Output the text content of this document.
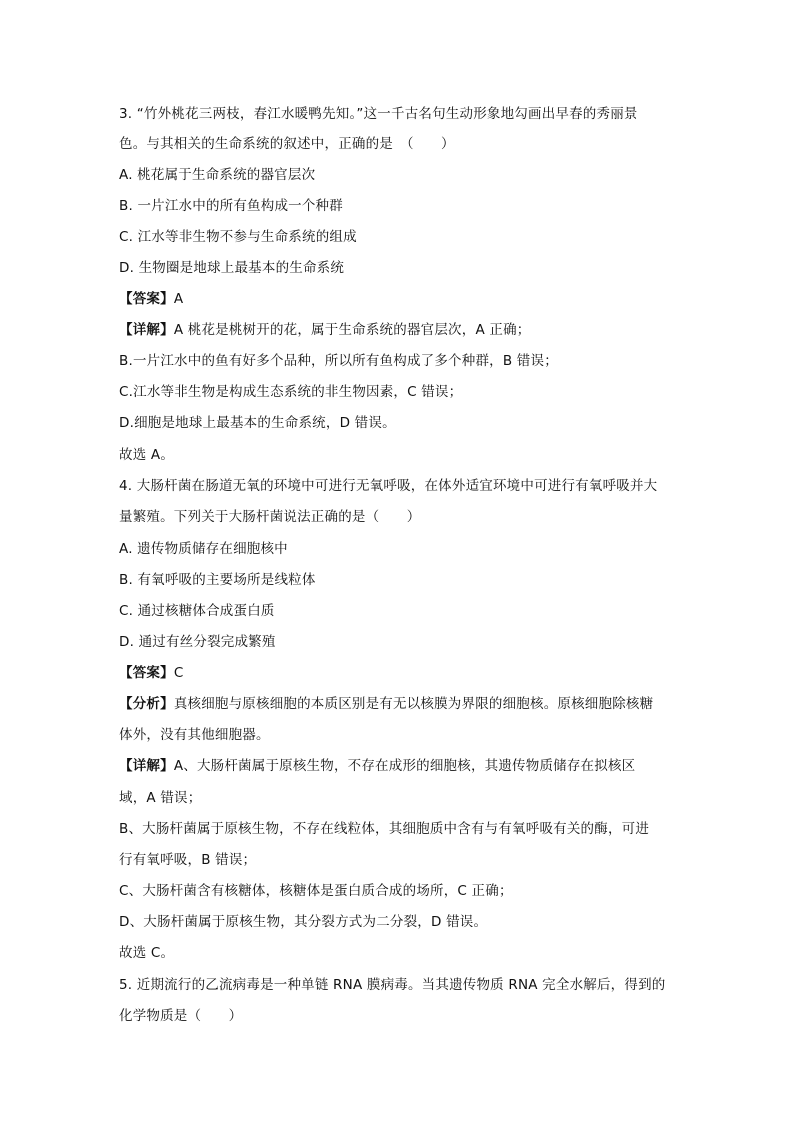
3. “竹外桃花三两枝，春江水暖鸭先知。”这一千古名句生动形象地勾画出早春的秀丽景
色。与其相关的生命系统的叙述中，正确的是　（　　）
A. 桃花属于生命系统的器官层次
B. 一片江水中的所有鱼构成一个种群
C. 江水等非生物不参与生命系统的组成
D. 生物圈是地球上最基本的生命系统
【答案】A
【详解】A 桃花是桃树开的花，属于生命系统的器官层次，A 正确；
B.一片江水中的鱼有好多个品种，所以所有鱼构成了多个种群，B 错误；
C.江水等非生物是构成生态系统的非生物因素，C 错误；
D.细胞是地球上最基本的生命系统，D 错误。
故选 A。
4. 大肠杆菌在肠道无氧的环境中可进行无氧呼吸，在体外适宜环境中可进行有氧呼吸并大
量繁殖。下列关于大肠杆菌说法正确的是（　　）
A. 遗传物质储存在细胞核中
B. 有氧呼吸的主要场所是线粒体
C. 通过核糖体合成蛋白质
D. 通过有丝分裂完成繁殖
【答案】C
【分析】真核细胞与原核细胞的本质区别是有无以核膜为界限的细胞核。原核细胞除核糖
体外，没有其他细胞器。
【详解】A、大肠杆菌属于原核生物，不存在成形的细胞核，其遗传物质储存在拟核区
域，A 错误；
B、大肠杆菌属于原核生物，不存在线粒体，其细胞质中含有与有氧呼吸有关的酶，可进
行有氧呼吸，B 错误；
C、大肠杆菌含有核糖体，核糖体是蛋白质合成的场所，C 正确；
D、大肠杆菌属于原核生物，其分裂方式为二分裂，D 错误。
故选 C。
5. 近期流行的乙流病毒是一种单链 RNA 膜病毒。当其遗传物质 RNA 完全水解后，得到的
化学物质是（　　）
